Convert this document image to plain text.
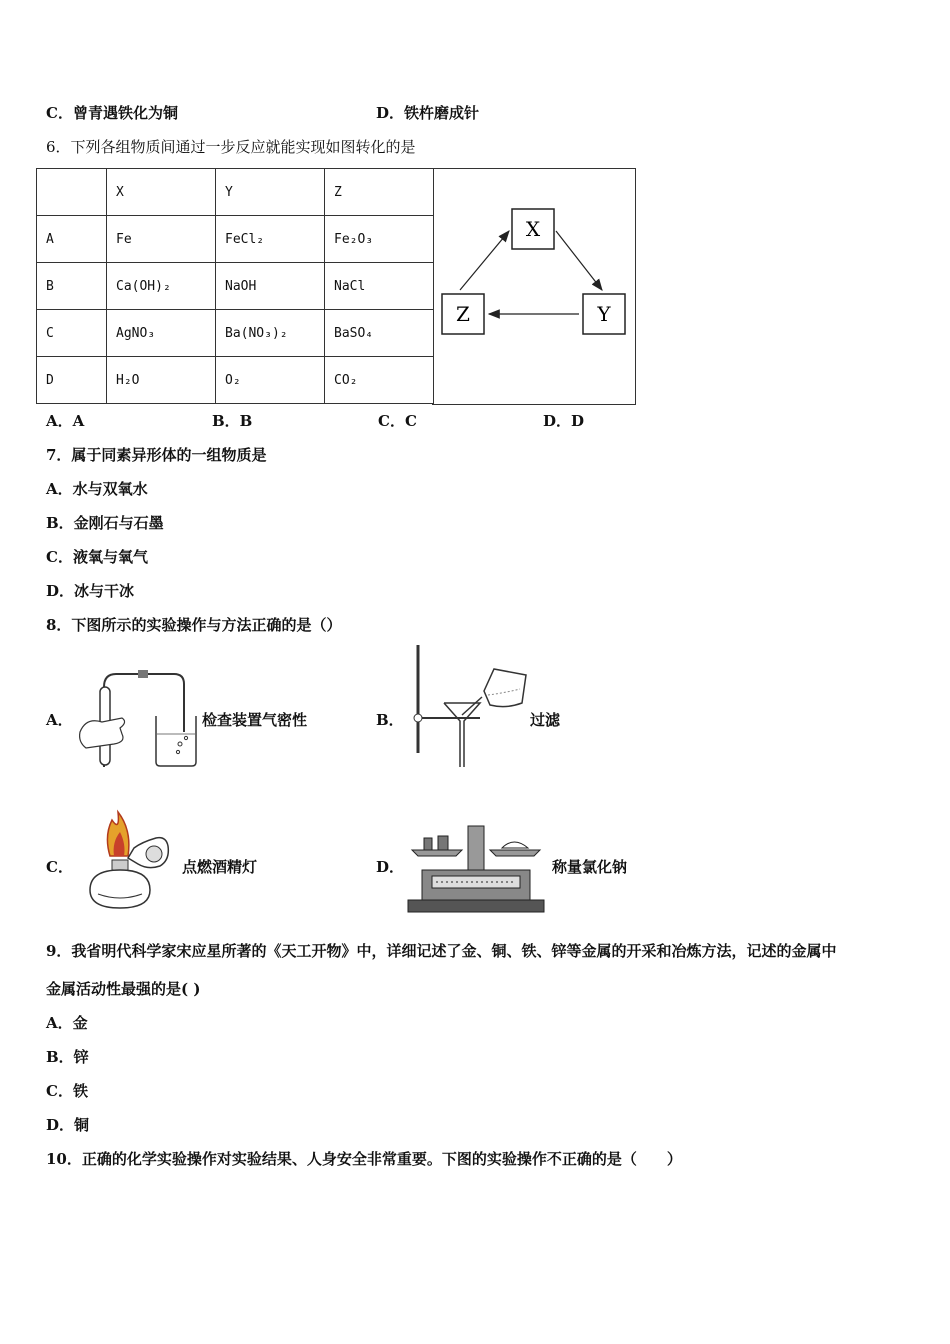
C．曾青遇铁化为铜	D．铁杵磨成针
6．下列各组物质间通过一步反应就能实现如图转化的是
	X	Y	Z
A	Fe	FeCl₂	Fe₂O₃
B	Ca(OH)₂	NaOH	NaCl
C	AgNO₃	Ba(NO₃)₂	BaSO₄
D	H₂O	O₂	CO₂
X
Y
Z
A．A	B．B	C．C	D．D
7．属于同素异形体的一组物质是
A．水与双氧水
B．金刚石与石墨
C．液氧与氧气
D．冰与干冰
8．下图所示的实验操作与方法正确的是（）
A．	检查装置气密性	B．	过滤
C．	点燃酒精灯	D．	称量氯化钠
9．我省明代科学家宋应星所著的《天工开物》中，详细记述了金、铜、铁、锌等金属的开采和冶炼方法，记述的金属中
金属活动性最强的是( )
A．金
B．锌
C．铁
D．铜
10．正确的化学实验操作对实验结果、人身安全非常重要。下图的实验操作不正确的是（　　）
